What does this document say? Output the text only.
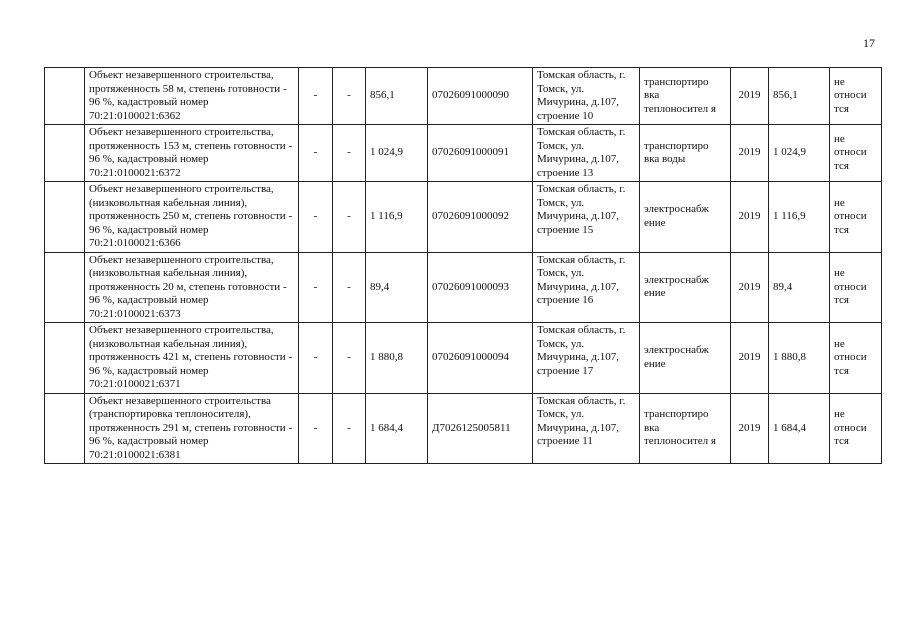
17
	Объект незавершенного строительства, протяженность 58 м, степень готовности - 96 %, кадастровый номер 70:21:0100021:6362	-	-	856,1	07026091000090	Томская область, г. Томск, ул. Мичурина, д.107, строение 10	транспортиро вка теплоносител я	2019	856,1	не относи тся
	Объект незавершенного строительства, протяженность 153 м, степень готовности - 96 %, кадастровый номер 70:21:0100021:6372	-	-	1 024,9	07026091000091	Томская область, г. Томск, ул. Мичурина, д.107, строение 13	транспортиро вка воды	2019	1 024,9	не относи тся
	Объект незавершенного строительства, (низковольтная кабельная линия), протяженность 250 м, степень готовности - 96 %, кадастровый номер 70:21:0100021:6366	-	-	1 116,9	07026091000092	Томская область, г. Томск, ул. Мичурина, д.107, строение 15	электроснабж ение	2019	1 116,9	не относи тся
	Объект незавершенного строительства, (низковольтная кабельная линия), протяженность 20 м, степень готовности - 96 %, кадастровый номер 70:21:0100021:6373	-	-	89,4	07026091000093	Томская область, г. Томск, ул. Мичурина, д.107, строение 16	электроснабж ение	2019	89,4	не относи тся
	Объект незавершенного строительства, (низковольтная кабельная линия), протяженность 421 м, степень готовности - 96 %, кадастровый номер 70:21:0100021:6371	-	-	1 880,8	07026091000094	Томская область, г. Томск, ул. Мичурина, д.107, строение 17	электроснабж ение	2019	1 880,8	не относи тся
	Объект незавершенного строительства (транспортировка теплоносителя), протяженность 291 м, степень готовности - 96 %, кадастровый номер 70:21:0100021:6381	-	-	1 684,4	Д7026125005811	Томская область, г. Томск, ул. Мичурина, д.107, строение 11	транспортиро вка теплоносител я	2019	1 684,4	не относи тся
